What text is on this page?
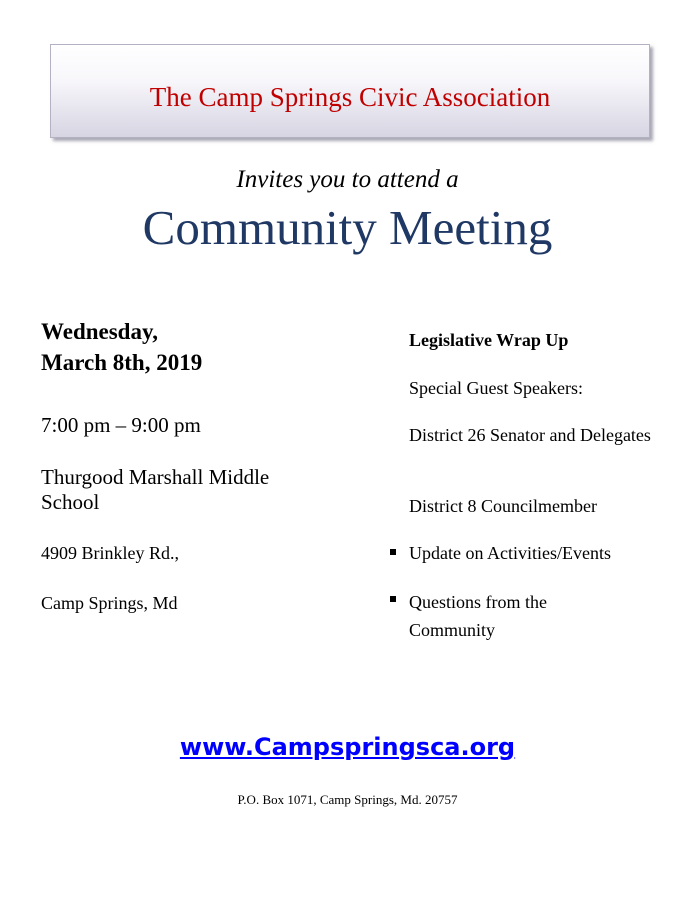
The Camp Springs Civic Association
Invites you to attend a
Community Meeting
Wednesday,
March 8th, 2019
7:00 pm – 9:00 pm
Thurgood Marshall Middle School
4909 Brinkley Rd.,
Camp Springs, Md
Legislative Wrap Up
Special Guest Speakers:
District 26 Senator and Delegates
District 8 Councilmember
Update on Activities/Events
Questions from the Community
www.Campspringsca.org
P.O. Box 1071, Camp Springs, Md. 20757
